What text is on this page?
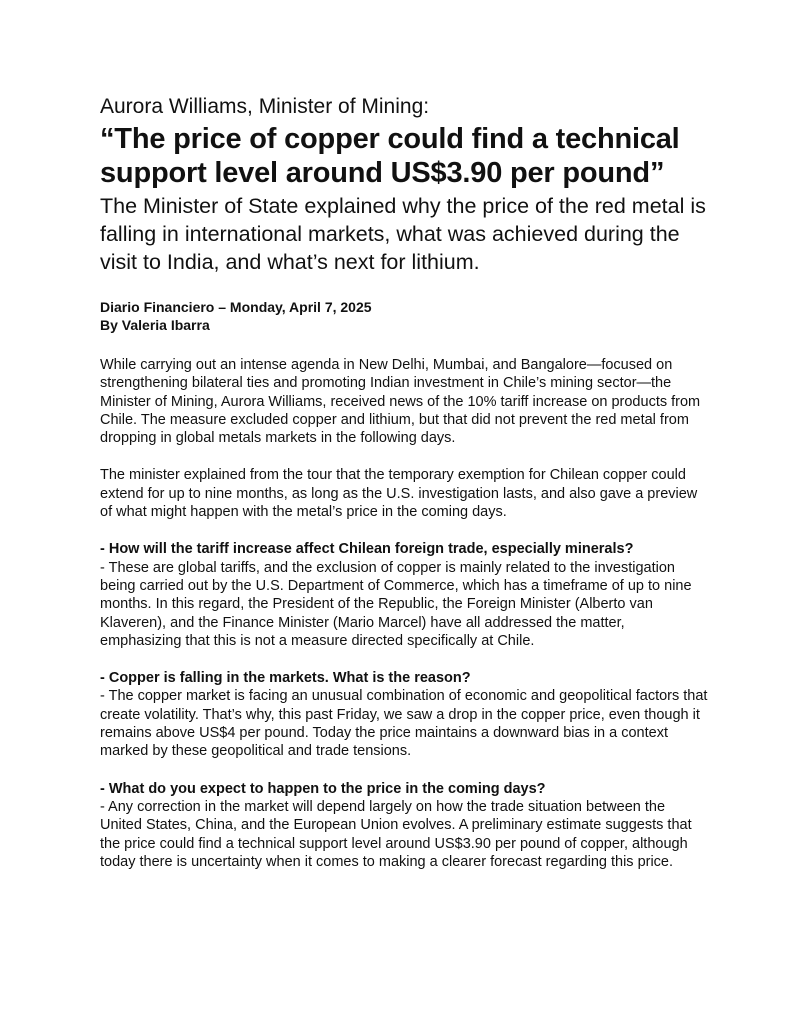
Aurora Williams, Minister of Mining:
“The price of copper could find a technical support level around US$3.90 per pound”

The Minister of State explained why the price of the red metal is falling in international markets, what was achieved during the visit to India, and what’s next for lithium.

Diario Financiero – Monday, April 7, 2025
By Valeria Ibarra

While carrying out an intense agenda in New Delhi, Mumbai, and Bangalore—focused on strengthening bilateral ties and promoting Indian investment in Chile’s mining sector—the Minister of Mining, Aurora Williams, received news of the 10% tariff increase on products from Chile. The measure excluded copper and lithium, but that did not prevent the red metal from dropping in global metals markets in the following days.

The minister explained from the tour that the temporary exemption for Chilean copper could extend for up to nine months, as long as the U.S. investigation lasts, and also gave a preview of what might happen with the metal’s price in the coming days.

- How will the tariff increase affect Chilean foreign trade, especially minerals?

- These are global tariffs, and the exclusion of copper is mainly related to the investigation being carried out by the U.S. Department of Commerce, which has a timeframe of up to nine months. In this regard, the President of the Republic, the Foreign Minister (Alberto van Klaveren), and the Finance Minister (Mario Marcel) have all addressed the matter, emphasizing that this is not a measure directed specifically at Chile.

- Copper is falling in the markets. What is the reason?

- The copper market is facing an unusual combination of economic and geopolitical factors that create volatility. That’s why, this past Friday, we saw a drop in the copper price, even though it remains above US$4 per pound. Today the price maintains a downward bias in a context marked by these geopolitical and trade tensions.

- What do you expect to happen to the price in the coming days?

- Any correction in the market will depend largely on how the trade situation between the United States, China, and the European Union evolves. A preliminary estimate suggests that the price could find a technical support level around US$3.90 per pound of copper, although today there is uncertainty when it comes to making a clearer forecast regarding this price.
